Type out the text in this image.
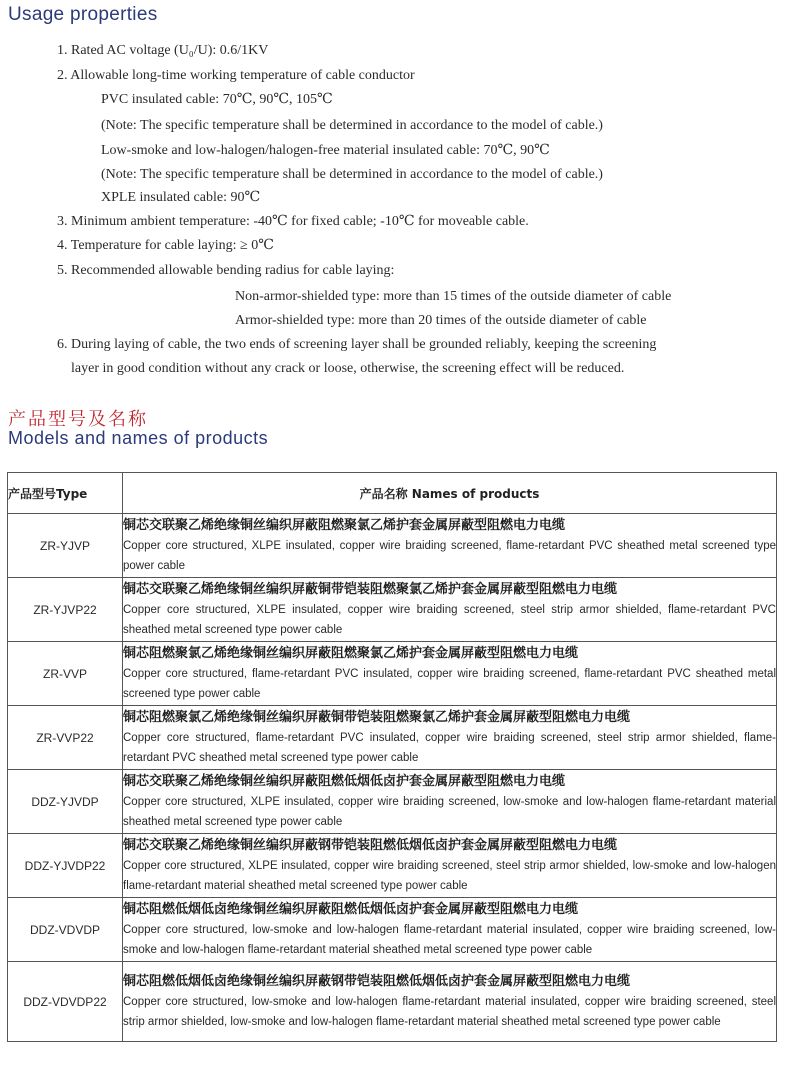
Usage properties
1. Rated AC voltage (U₀/U): 0.6/1KV
2. Allowable long-time working temperature of cable conductor
PVC insulated cable: 70℃, 90℃, 105℃
(Note: The specific temperature shall be determined in accordance to the model of cable.)
Low-smoke and low-halogen/halogen-free material insulated cable: 70℃, 90℃
(Note: The specific temperature shall be determined in accordance to the model of cable.)
XPLE insulated cable: 90℃
3. Minimum ambient temperature: -40℃ for fixed cable; -10℃ for moveable cable.
4. Temperature for cable laying: ≥ 0℃
5. Recommended allowable bending radius for cable laying:
Non-armor-shielded type: more than 15 times of the outside diameter of cable
Armor-shielded type: more than 20 times of the outside diameter of cable
6. During laying of cable, the two ends of screening layer shall be grounded reliably, keeping the screening
layer in good condition without any crack or loose, otherwise, the screening effect will be reduced.
产品型号及名称
Models and names of products
产品型号Type	产品名称 Names of products
ZR-YJVP	铜芯交联聚乙烯绝缘铜丝编织屏蔽阻燃聚氯乙烯护套金属屏蔽型阻燃电力电缆
Copper core structured, XLPE insulated, copper wire braiding screened, flame-retardant PVC sheathed metal screened type power cable

ZR-YJVP22	铜芯交联聚乙烯绝缘铜丝编织屏蔽铜带铠装阻燃聚氯乙烯护套金属屏蔽型阻燃电力电缆
Copper core structured, XLPE insulated, copper wire braiding screened, steel strip armor shielded, flame-retardant PVC sheathed metal screened type power cable

ZR-VVP	铜芯阻燃聚氯乙烯绝缘铜丝编织屏蔽阻燃聚氯乙烯护套金属屏蔽型阻燃电力电缆
Copper core structured, flame-retardant PVC insulated, copper wire braiding screened, flame-retardant PVC sheathed metal screened type power cable

ZR-VVP22	铜芯阻燃聚氯乙烯绝缘铜丝编织屏蔽铜带铠装阻燃聚氯乙烯护套金属屏蔽型阻燃电力电缆
Copper core structured, flame-retardant PVC insulated, copper wire braiding screened, steel strip armor shielded, flame-retardant PVC sheathed metal screened type power cable

DDZ-YJVDP	铜芯交联聚乙烯绝缘铜丝编织屏蔽阻燃低烟低卤护套金属屏蔽型阻燃电力电缆
Copper core structured, XLPE insulated, copper wire braiding screened, low-smoke and low-halogen flame-retardant material sheathed metal screened type power cable

DDZ-YJVDP22	铜芯交联聚乙烯绝缘铜丝编织屏蔽钢带铠装阻燃低烟低卤护套金属屏蔽型阻燃电力电缆
Copper core structured, XLPE insulated, copper wire braiding screened, steel strip armor shielded, low-smoke and low-halogen flame-retardant material sheathed metal screened type power cable

DDZ-VDVDP	铜芯阻燃低烟低卤绝缘铜丝编织屏蔽阻燃低烟低卤护套金属屏蔽型阻燃电力电缆
Copper core structured, low-smoke and low-halogen flame-retardant material insulated, copper wire braiding screened, low-smoke and low-halogen flame-retardant material sheathed metal screened type power cable

DDZ-VDVDP22	铜芯阻燃低烟低卤绝缘铜丝编织屏蔽钢带铠装阻燃低烟低卤护套金属屏蔽型阻燃电力电缆
Copper core structured, low-smoke and low-halogen flame-retardant material insulated, copper wire braiding screened, steel strip armor shielded, low-smoke and low-halogen flame-retardant material sheathed metal screened type power cable
